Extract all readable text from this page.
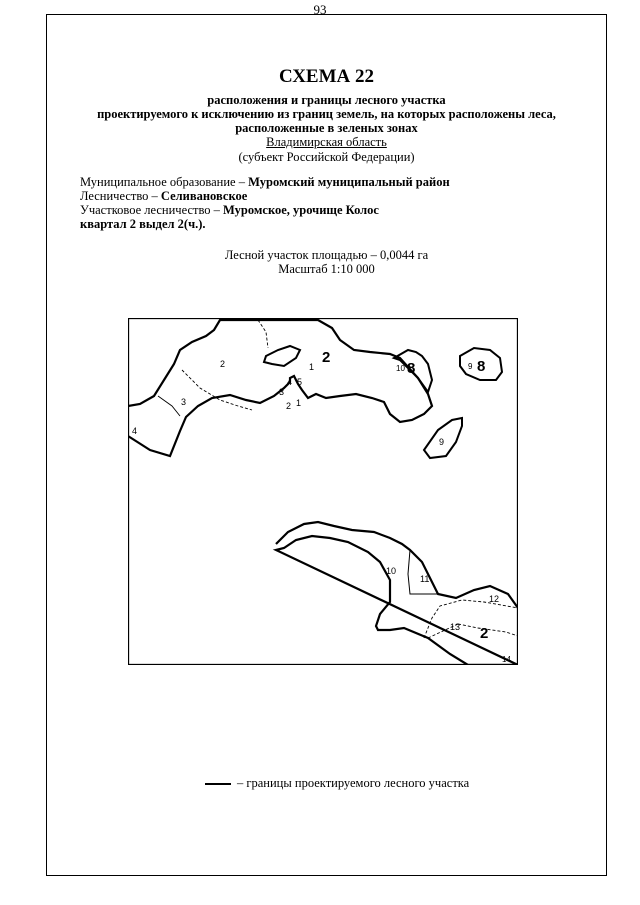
93
СХЕМА 22
расположения и границы лесного участка
проектируемого к исключению из границ земель, на которых расположены леса,
расположенные в зеленых зонах
Владимирская область
(субъект Российской Федерации)
Муниципальное образование – Муромский муниципальный район
Лесничество – Селивановское
Участковое лесничество – Муромское, урочище Колос
квартал 2 выдел 2(ч.).
Лесной участок площадью – 0,0044 га
Масштаб 1:10 000
2	1
2
4 5
3
2 1
3
4
10 8	9 8
9
10
11
12
13 2
14
– границы проектируемого лесного участка
